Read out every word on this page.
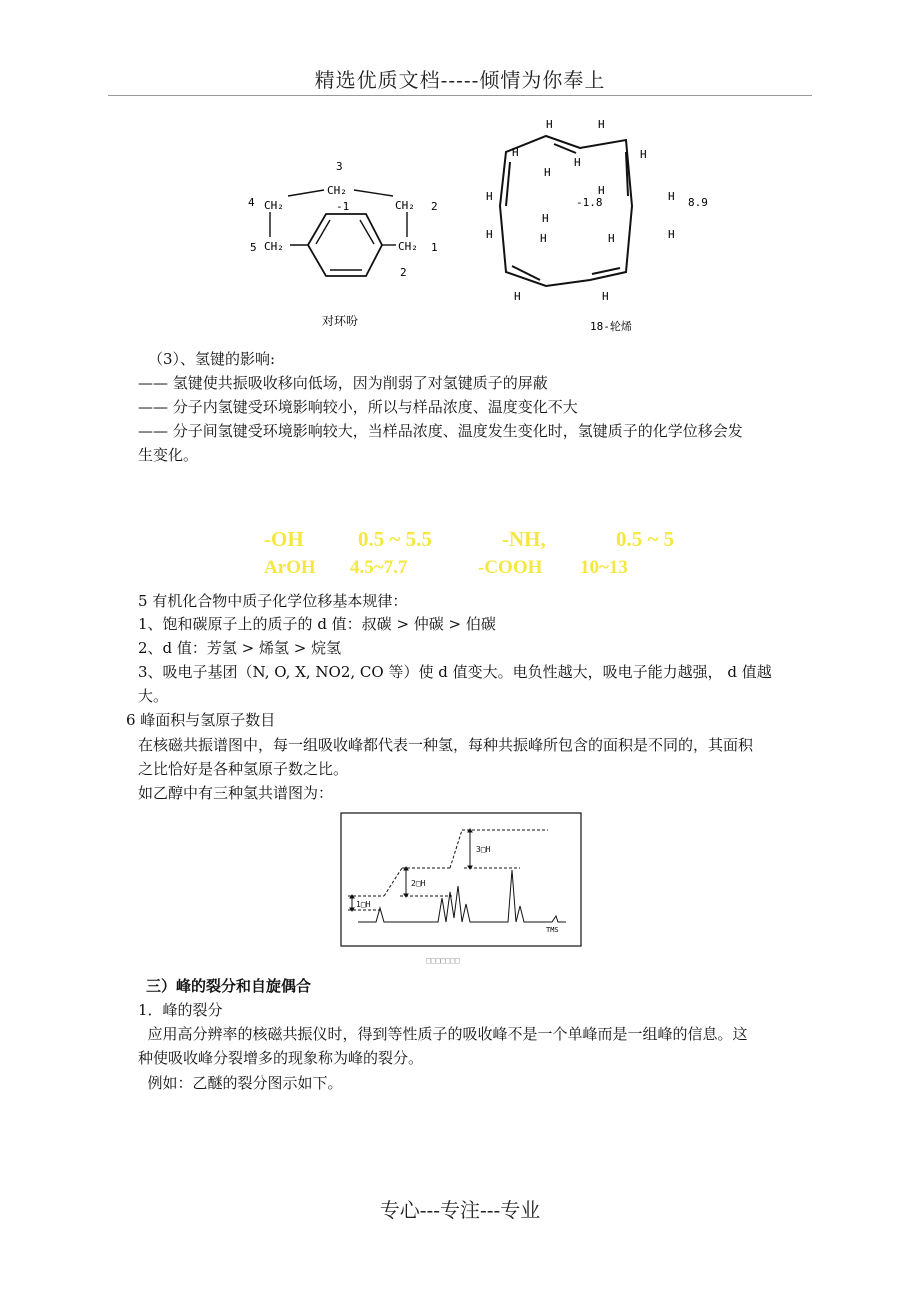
精选优质文档-----倾情为你奉上
3
CH₂
-1
4 CH₂	CH₂ 2
5 CH₂	CH₂ 1
2
对环吩
H	H
H	H
H	H
H	H
H	H
H	H
H
H
H
H
-1.8	8.9
18-轮烯
（3）、氢键的影响:
—— 氢键使共振吸收移向低场，因为削弱了对氢键质子的屏蔽
—— 分子内氢键受环境影响较小，所以与样品浓度、温度变化不大
—— 分子间氢键受环境影响较大，当样品浓度、温度发生变化时，氢键质子的化学位移会发
生变化。
-OH	0.5 ~ 5.5	-NH,	0.5 ~ 5
ArOH 4.5~7.7	-COOH 10~13
5 有机化合物中质子化学位移基本规律：
1、饱和碳原子上的质子的 d 值：叔碳 > 仲碳 > 伯碳
2、d 值：芳氢 > 烯氢 > 烷氢
3、吸电子基团（N, O, X, NO2, CO 等）使 d 值变大。电负性越大，吸电子能力越强， d 值越
大。
6 峰面积与氢原子数目
在核磁共振谱图中，每一组吸收峰都代表一种氢，每种共振峰所包含的面积是不同的，其面积
之比恰好是各种氢原子数之比。
如乙醇中有三种氢共谱图为：
1□H
2□H
3□H
TMS
□□□□□□□
三）峰的裂分和自旋偶合
1．峰的裂分
应用高分辨率的核磁共振仪时，得到等性质子的吸收峰不是一个单峰而是一组峰的信息。这
种使吸收峰分裂增多的现象称为峰的裂分。
例如：乙醚的裂分图示如下。
专心---专注---专业
